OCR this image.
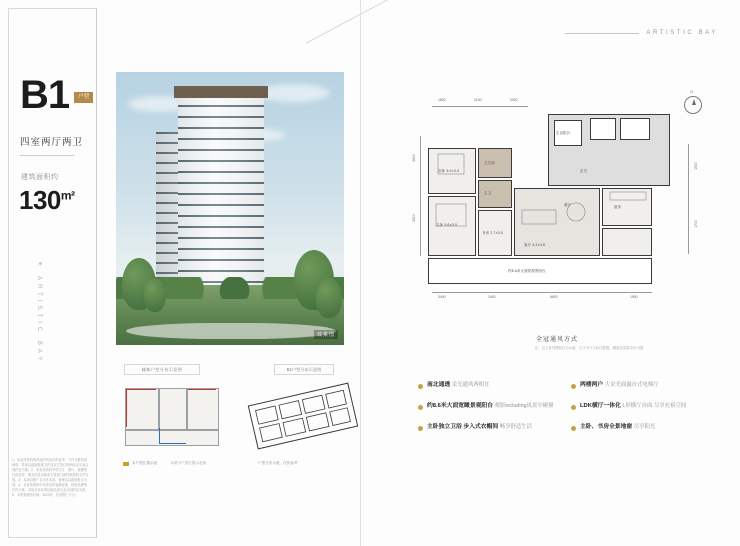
ARTISTIC BAY
B1	户型
四室两厅两卫
建筑面积约
$130^{m^2}$
ARTISTIC BAY
1、本宣传资料所涉及的内容仅供参考，不作为要约或承诺，具体以政府批准文件及双方签订的商品房买卖合同约定为准。2、本宣传资料中的文字、图片、数据等仅供参考，相关信息以政府主管部门最终批准的文件为准。3、本项目推广名为艺术湾，备案名以政府批文为准。4、本宣传资料中所涉及的装修标准、材料品牌等仅作示意，实际交付标准以商品房买卖合同约定为准。5、本资料制作时间：2023年，有效期三个月。
效果图
楼栋户型分布示意图
本户型位置示意	本图为户型位置示意图
B1户型分布示意图
户型分布示意，仅供参考
N
1800	2100	3000
2600
3300
1500
1700
3400	2400	6600	1900
生活阳台
玄关
次卧 3.0×3.3
主卧 3.6×3.9
卫生间
主卫
书房 2.7×3.0
客厅 4.2×4.5
餐厅	厨房
约8.6米大面宽观景阳台
全冠通风方式
注：以上家具摆放仅为示意，尺寸为尺寸标注数据，精装以实际交付为准
南北通透 采光通风两相宜	两楼两户 大采光面露台式电梯厅
约8.6米大面宽瞰景观阳台 观影including风景中碰撞	LDK横厅一体化 L形横厅台面 尽享充裕空间
主卧独立卫浴 步入式衣帽间 畅享舒适生活	主卧、书房全景地窗 尽享阳光
